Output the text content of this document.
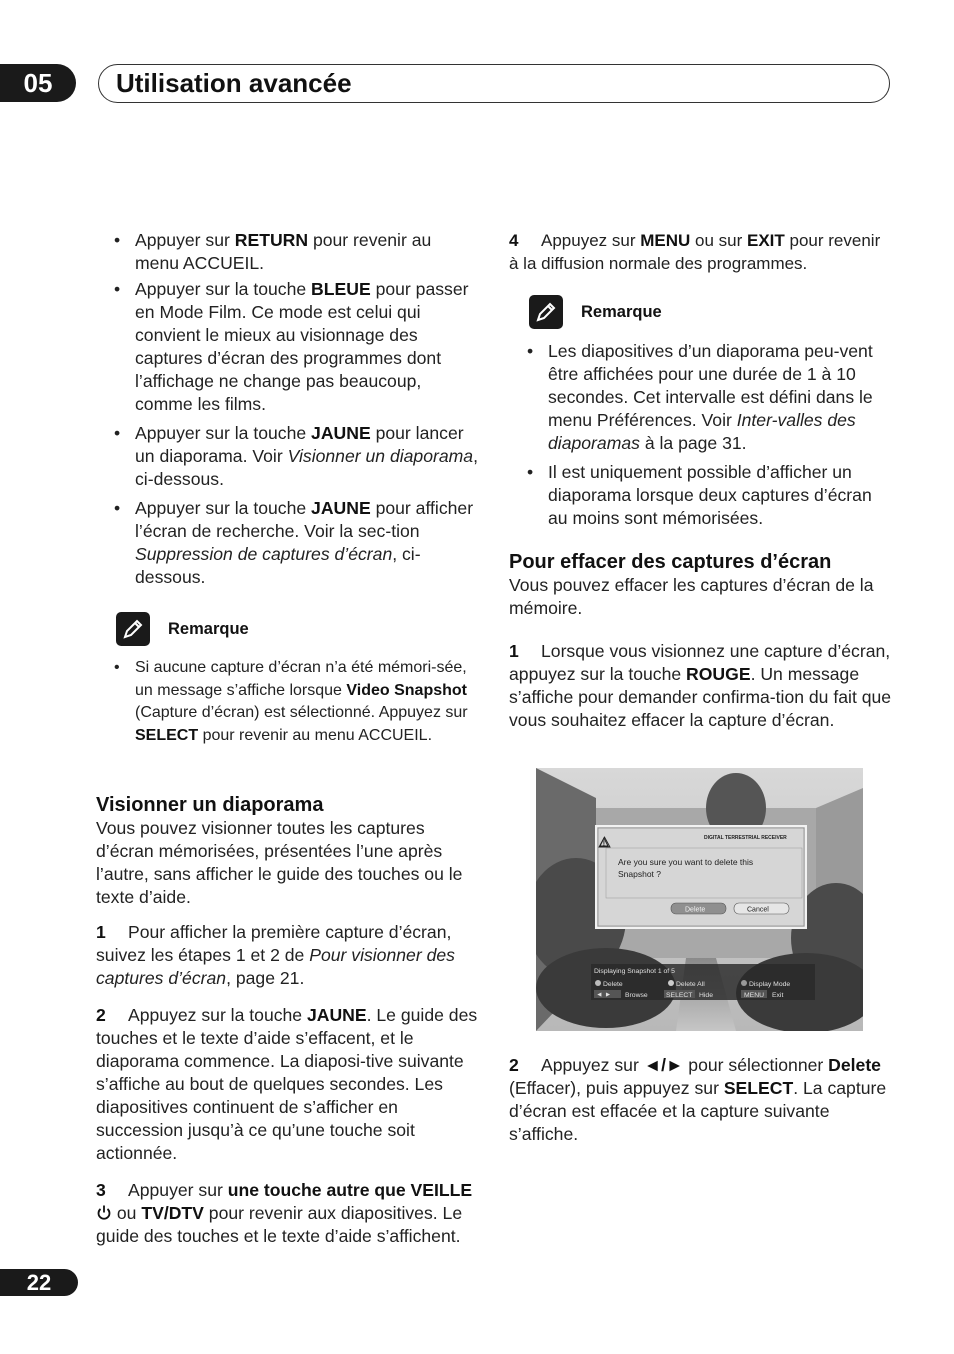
05	Utilisation avancée
• Appuyer sur RETURN pour revenir au menu ACCUEIL.
• Appuyer sur la touche BLEUE pour passer en Mode Film. Ce mode est celui qui convient le mieux au visionnage des captures d’écran des programmes dont l’affichage ne change pas beaucoup, comme les films.
• Appuyer sur la touche JAUNE pour lancer un diaporama. Voir Visionner un diaporama, ci-dessous.
• Appuyer sur la touche JAUNE pour afficher l’écran de recherche. Voir la sec-tion Suppression de captures d’écran, ci-dessous.
Remarque
• Si aucune capture d’écran n’a été mémori-sée, un message s’affiche lorsque Video Snapshot (Capture d’écran) est sélectionné. Appuyez sur SELECT pour revenir au menu ACCUEIL.
Visionner un diaporama

Vous pouvez visionner toutes les captures d’écran mémorisées, présentées l’une après l’autre, sans afficher le guide des touches ou le texte d’aide.

1 Pour afficher la première capture d’écran, suivez les étapes 1 et 2 de Pour visionner des captures d’écran, page 21.

2 Appuyez sur la touche JAUNE. Le guide des touches et le texte d’aide s’effacent, et le diaporama commence. La diaposi-tive suivante s’affiche au bout de quelques secondes. Les diapositives continuent de s’afficher en succession jusqu’à ce qu’une touche soit actionnée.

3 Appuyer sur une touche autre que VEILLE  ou TV/DTV pour revenir aux diapositives. Le guide des touches et le texte d’aide s’affichent.

4 Appuyez sur MENU ou sur EXIT pour revenir à la diffusion normale des programmes.

Remarque
• Les diapositives d’un diaporama peu-vent être affichées pour une durée de 1 à 10 secondes. Cet intervalle est défini dans le menu Préférences. Voir Inter-valles des diaporamas à la page 31.
• Il est uniquement possible d’afficher un diaporama lorsque deux captures d’écran au moins sont mémorisées.
Pour effacer des captures d’écran

Vous pouvez effacer les captures d’écran de la mémoire.

1 Lorsque vous visionnez une capture d’écran, appuyez sur la touche ROUGE. Un message s’affiche pour demander confirma-tion du fait que vous souhaitez effacer la capture d’écran.

!
DIGITAL TERRESTRIAL RECEIVER
Are you sure you want to delete this
Snapshot ?
Delete	Cancel
Displaying Snapshot 1 of 5
Delete	Delete All	Display Mode
◄ ► Browse	SELECT Hide	MENU Exit

2 Appuyez sur ◄/► pour sélectionner Delete (Effacer), puis appuyez sur SELECT. La capture d’écran est effacée et la capture suivante s’affiche.

22
